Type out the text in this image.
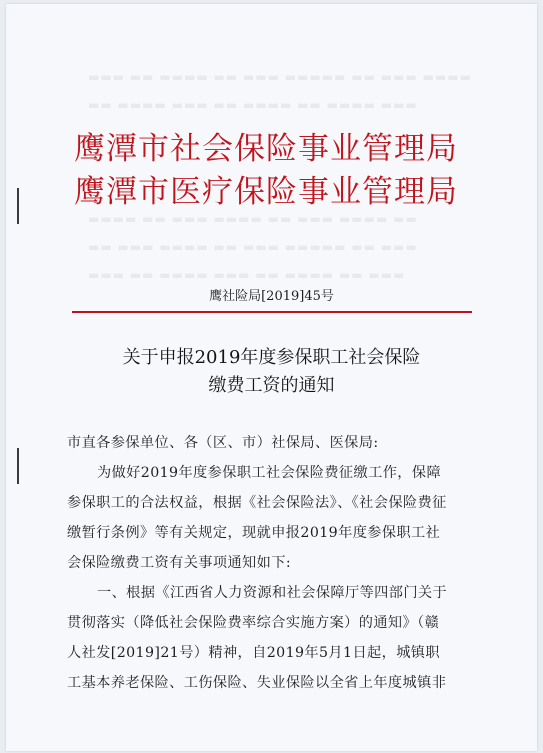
▬▬▬ ▬▬ ▬▬▬▬ ▬▬ ▬▬▬ ▬▬▬▬▬ ▬▬ ▬▬▬ ▬▬▬▬
▬▬ ▬▬▬▬ ▬▬▬ ▬▬ ▬▬▬▬ ▬▬ ▬▬▬▬ ▬▬▬
▬▬▬▬ ▬▬ ▬▬▬ ▬▬▬▬ ▬▬ ▬▬▬ ▬▬▬▬ ▬▬
▬▬ ▬▬▬ ▬▬▬▬ ▬▬ ▬▬▬ ▬▬▬▬▬ ▬▬ ▬▬▬
▬▬▬ ▬▬ ▬▬▬▬ ▬▬▬ ▬▬ ▬▬▬▬ ▬▬ ▬▬▬
鹰潭市社会保险事业管理局
鹰潭市医疗保险事业管理局
鹰社险局[2019]45号
关于申报2019年度参保职工社会保险
缴费工资的通知
市直各参保单位、各（区、市）社保局、医保局:
为做好2019年度参保职工社会保险费征缴工作，保障
参保职工的合法权益，根据《社会保险法》、《社会保险费征
缴暂行条例》等有关规定，现就申报2019年度参保职工社
会保险缴费工资有关事项通知如下:
一、根据《江西省人力资源和社会保障厅等四部门关于
贯彻落实（降低社会保险费率综合实施方案）的通知》（赣
人社发[2019]21号）精神，自2019年5月1日起，城镇职
工基本养老保险、工伤保险、失业保险以全省上年度城镇非
